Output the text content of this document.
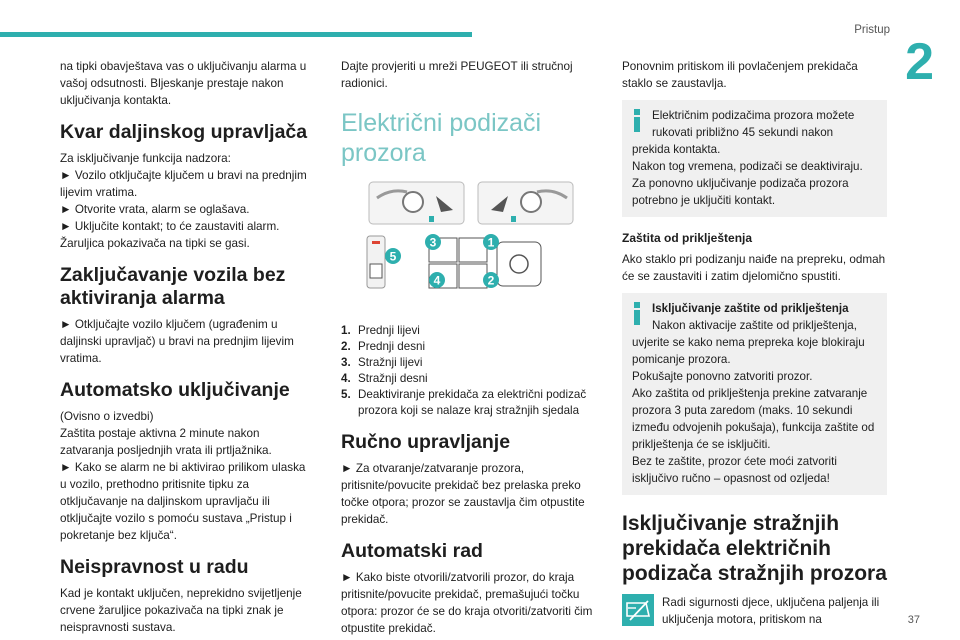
Pristup
2
37

na tipki obavještava vas o uključivanju alarma u vašoj odsutnosti. Bljeskanje prestaje nakon uključivanja kontakta.

Kvar daljinskog upravljača

Za isključivanje funkcija nadzora:

► Vozilo otključajte ključem u bravi na prednjim lijevim vratima.

► Otvorite vrata, alarm se oglašava.

► Uključite kontakt; to će zaustaviti alarm.

Žaruljica pokazivača na tipki se gasi.

Zaključavanje vozila bez aktiviranja alarma

► Otključajte vozilo ključem (ugrađenim u daljinski upravljač) u bravi na prednjim lijevim vratima.

Automatsko uključivanje

(Ovisno o izvedbi)

Zaštita postaje aktivna 2 minute nakon zatvaranja posljednjih vrata ili prtljažnika.

► Kako se alarm ne bi aktivirao prilikom ulaska u vozilo, prethodno pritisnite tipku za otključavanje na daljinskom upravljaču ili otključajte vozilo s pomoću sustava „Pristup i pokretanje bez ključa“.

Neispravnost u radu

Kad je kontakt uključen, neprekidno svijetljenje crvene žaruljice pokazivača na tipki znak je neispravnosti sustava.

Dajte provjeriti u mreži PEUGEOT ili stručnoj radionici.

Električni podizači prozora
3	1
5
4	2
1. Prednji lijevi
2. Prednji desni
3. Stražnji lijevi
4. Stražnji desni
5. Deaktiviranje prekidača za električni podizač prozora koji se nalaze kraj stražnjih sjedala
Ručno upravljanje

► Za otvaranje/zatvaranje prozora, pritisnite/povucite prekidač bez prelaska preko točke otpora; prozor se zaustavlja čim otpustite prekidač.

Automatski rad

► Kako biste otvorili/zatvorili prozor, do kraja pritisnite/povucite prekidač, premašujući točku otpora: prozor će se do kraja otvoriti/zatvoriti čim otpustite prekidač.

Ponovnim pritiskom ili povlačenjem prekidača staklo se zaustavlja.

Električnim podizačima prozora možete rukovati približno 45 sekundi nakon

prekida kontakta.

Nakon tog vremena, podizači se deaktiviraju. Za ponovno uključivanje podizača prozora potrebno je uključiti kontakt.

Zaštita od priklještenja

Ako staklo pri podizanju naiđe na prepreku, odmah će se zaustaviti i zatim djelomično spustiti.

Isključivanje zaštite od priklještenja

Nakon aktivacije zaštite od priklještenja,

uvjerite se kako nema prepreka koje blokiraju pomicanje prozora.

Pokušajte ponovno zatvoriti prozor.

Ako zaštita od priklještenja prekine zatvaranje prozora 3 puta zaredom (maks. 10 sekundi između odvojenih pokušaja), funkcija zaštite od priklještenja će se isključiti.

Bez te zaštite, prozor ćete moći zatvoriti isključivo ručno – opasnost od ozljeda!

Isključivanje stražnjih prekidača električnih podizača stražnjih prozora

Radi sigurnosti djece, uključena paljenja ili uključenja motora, pritiskom na
